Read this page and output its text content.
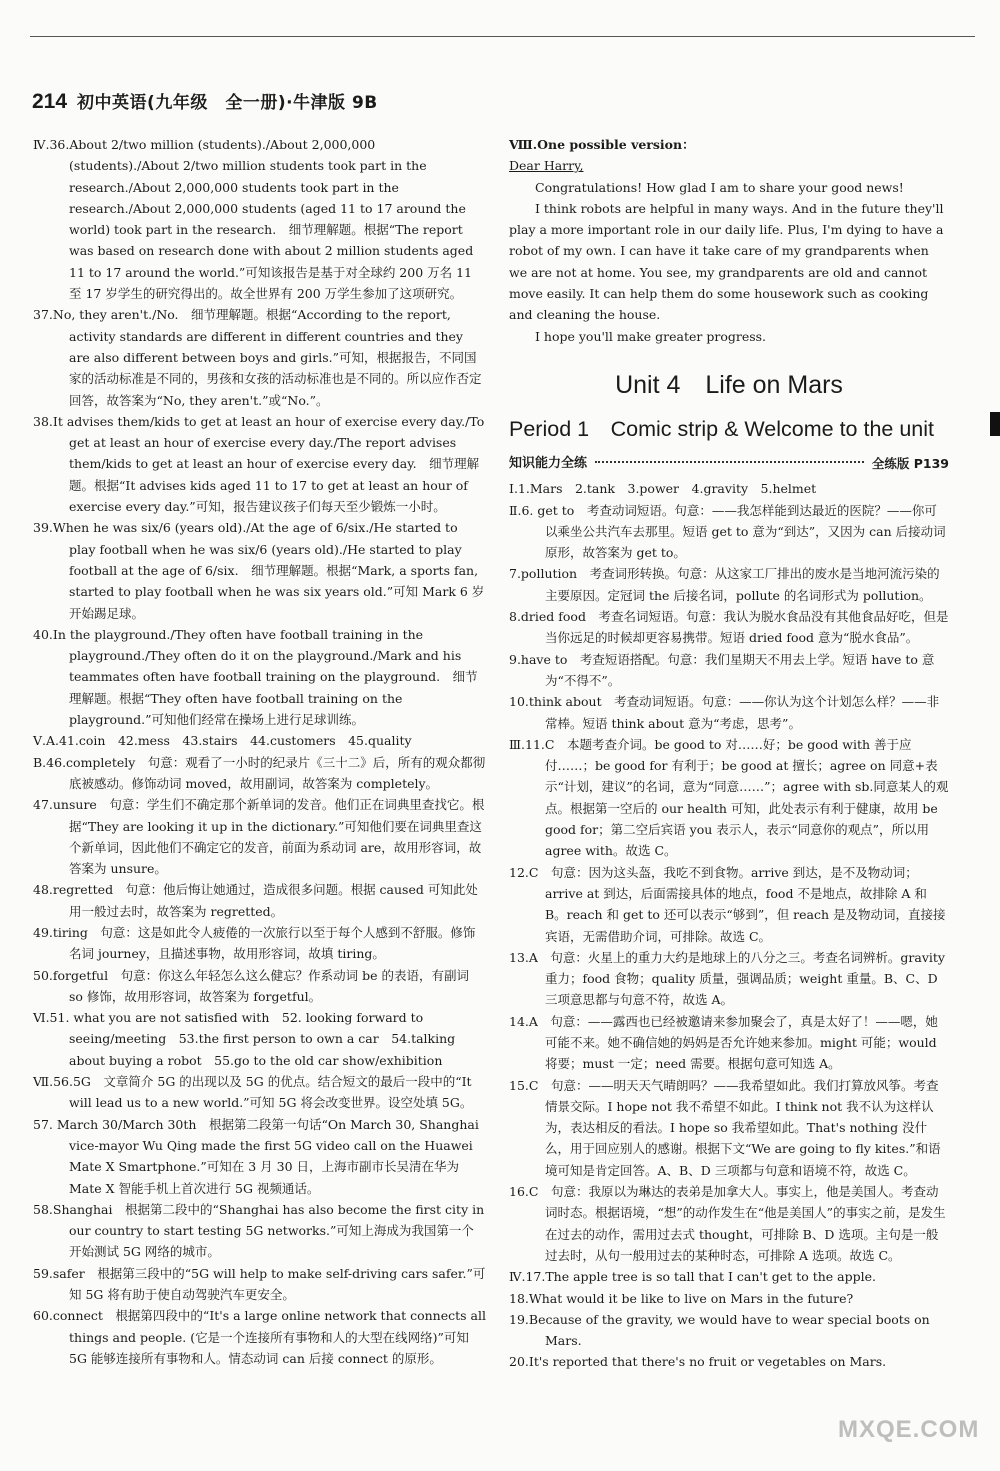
214 初中英语(九年级　全一册)·牛津版 9B

Ⅳ.36.About 2/two million (students)./About 2,000,000 (students)./About 2/two million students took part in the research./About 2,000,000 students took part in the research./About 2,000,000 students (aged 11 to 17 around the world) took part in the research.　细节理解题。根据“The report was based on research done with about 2 million students aged 11 to 17 around the world.”可知该报告是基于对全球约 200 万名 11 至 17 岁学生的研究得出的。故全世界有 200 万学生参加了这项研究。

37.No, they aren't./No.　细节理解题。根据“According to the report, activity standards are different in different countries and they are also different between boys and girls.”可知，根据报告，不同国家的活动标准是不同的，男孩和女孩的活动标准也是不同的。所以应作否定回答，故答案为“No, they aren't.”或“No.”。

38.It advises them/kids to get at least an hour of exercise every day./To get at least an hour of exercise every day./The report advises them/kids to get at least an hour of exercise every day.　细节理解题。根据“It advises kids aged 11 to 17 to get at least an hour of exercise every day.”可知，报告建议孩子们每天至少锻炼一小时。

39.When he was six/6 (years old)./At the age of 6/six./He started to play football when he was six/6 (years old)./He started to play football at the age of 6/six.　细节理解题。根据“Mark, a sports fan, started to play football when he was six years old.”可知 Mark 6 岁开始踢足球。

40.In the playground./They often have football training in the playground./They often do it on the playground./Mark and his teammates often have football training on the playground.　细节理解题。根据“They often have football training on the playground.”可知他们经常在操场上进行足球训练。

Ⅴ.A.41.coin　42.mess　43.stairs　44.customers　45.quality

B.46.completely　句意：观看了一小时的纪录片《三十二》后，所有的观众都彻底被感动。修饰动词 moved，故用副词，故答案为 completely。

47.unsure　句意：学生们不确定那个新单词的发音。他们正在词典里查找它。根据“They are looking it up in the dictionary.”可知他们要在词典里查这个新单词，因此他们不确定它的发音，前面为系动词 are，故用形容词，故答案为 unsure。

48.regretted　句意：他后悔让她通过，造成很多问题。根据 caused 可知此处用一般过去时，故答案为 regretted。

49.tiring　句意：这是如此令人疲倦的一次旅行以至于每个人感到不舒服。修饰名词 journey，且描述事物，故用形容词，故填 tiring。

50.forgetful　句意：你这么年轻怎么这么健忘？作系动词 be 的表语，有副词 so 修饰，故用形容词，故答案为 forgetful。

Ⅵ.51. what you are not satisfied with　52. looking forward to seeing/meeting　53.the first person to own a car　54.talking about buying a robot　55.go to the old car show/exhibition

Ⅶ.56.5G　文章简介 5G 的出现以及 5G 的优点。结合短文的最后一段中的“It will lead us to a new world.”可知 5G 将会改变世界。设空处填 5G。

57. March 30/March 30th　根据第二段第一句话“On March 30, Shanghai vice-mayor Wu Qing made the first 5G video call on the Huawei Mate X Smartphone.”可知在 3 月 30 日，上海市副市长吴清在华为 Mate X 智能手机上首次进行 5G 视频通话。

58.Shanghai　根据第二段中的“Shanghai has also become the first city in our country to start testing 5G networks.”可知上海成为我国第一个开始测试 5G 网络的城市。

59.safer　根据第三段中的“5G will help to make self-driving cars safer.”可知 5G 将有助于使自动驾驶汽车更安全。

60.connect　根据第四段中的“It's a large online network that connects all things and people. (它是一个连接所有事物和人的大型在线网络)”可知 5G 能够连接所有事物和人。情态动词 can 后接 connect 的原形。

Ⅷ.One possible version：

Dear Harry,

Congratulations! How glad I am to share your good news!

I think robots are helpful in many ways. And in the future they'll play a more important role in our daily life. Plus, I'm dying to have a robot of my own. I can have it take care of my grandparents when we are not at home. You see, my grandparents are old and cannot move easily. It can help them do some housework such as cooking and cleaning the house.

I hope you'll make greater progress.

Unit 4　Life on Mars
Period 1　Comic strip & Welcome to the unit
知识能力全练	全练版 P139

Ⅰ.1.Mars　2.tank　3.power　4.gravity　5.helmet

Ⅱ.6. get to　考查动词短语。句意：——我怎样能到达最近的医院？——你可以乘坐公共汽车去那里。短语 get to 意为“到达”，又因为 can 后接动词原形，故答案为 get to。

7.pollution　考查词形转换。句意：从这家工厂排出的废水是当地河流污染的主要原因。定冠词 the 后接名词，pollute 的名词形式为 pollution。

8.dried food　考查名词短语。句意：我认为脱水食品没有其他食品好吃，但是当你远足的时候却更容易携带。短语 dried food 意为“脱水食品”。

9.have to　考查短语搭配。句意：我们星期天不用去上学。短语 have to 意为“不得不”。

10.think about　考查动词短语。句意：——你认为这个计划怎么样？——非常棒。短语 think about 意为“考虑，思考”。

Ⅲ.11.C　本题考查介词。be good to 对……好；be good with 善于应付……；be good for 有利于；be good at 擅长；agree on 同意+表示“计划，建议”的名词，意为“同意……”；agree with sb.同意某人的观点。根据第一空后的 our health 可知，此处表示有利于健康，故用 be good for；第二空后宾语 you 表示人，表示“同意你的观点”，所以用 agree with。故选 C。

12.C　句意：因为这头盔，我吃不到食物。arrive 到达，是不及物动词；arrive at 到达，后面需接具体的地点，food 不是地点，故排除 A 和 B。reach 和 get to 还可以表示“够到”，但 reach 是及物动词，直接接宾语，无需借助介词，可排除。故选 C。

13.A　句意：火星上的重力大约是地球上的八分之三。考查名词辨析。gravity 重力；food 食物；quality 质量，强调品质；weight 重量。B、C、D 三项意思都与句意不符，故选 A。

14.A　句意：——露西也已经被邀请来参加聚会了，真是太好了！——嗯，她可能不来。她不确信她的妈妈是否允许她来参加。might 可能；would 将要；must 一定；need 需要。根据句意可知选 A。

15.C　句意：——明天天气晴朗吗？——我希望如此。我们打算放风筝。考查情景交际。I hope not 我不希望不如此。I think not 我不认为这样认为，表达相反的看法。I hope so 我希望如此。That's nothing 没什么，用于回应别人的感谢。根据下文“We are going to fly kites.”和语境可知是肯定回答。A、B、D 三项都与句意和语境不符，故选 C。

16.C　句意：我原以为琳达的表弟是加拿大人。事实上，他是美国人。考查动词时态。根据语境，“想”的动作发生在“他是美国人”的事实之前，是发生在过去的动作，需用过去式 thought，可排除 B、D 选项。主句是一般过去时，从句一般用过去的某种时态，可排除 A 选项。故选 C。

Ⅳ.17.The apple tree is so tall that I can't get to the apple.

18.What would it be like to live on Mars in the future?

19.Because of the gravity, we would have to wear special boots on Mars.

20.It's reported that there's no fruit or vegetables on Mars.

MXQE.COM
